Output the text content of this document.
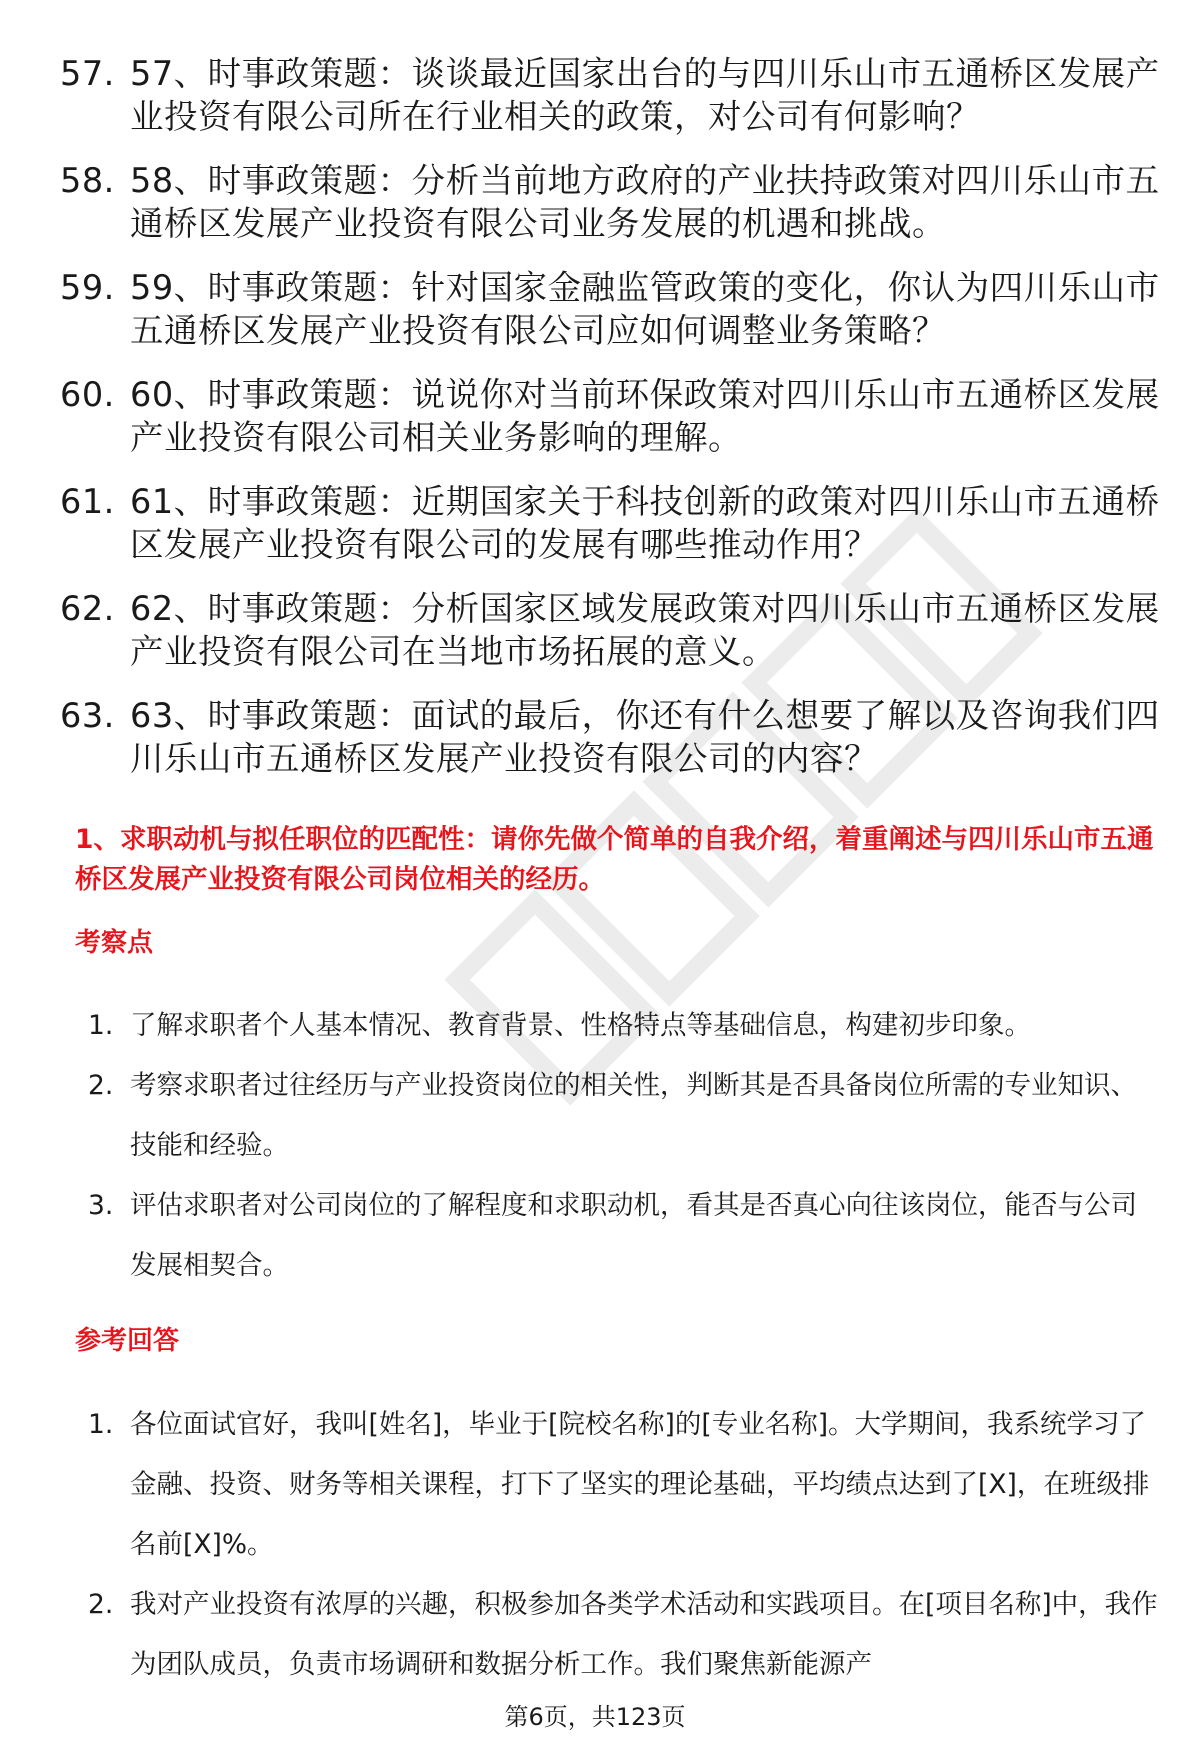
57. 57、时事政策题：谈谈最近国家出台的与四川乐山市五通桥区发展产业投资有限公司所在行业相关的政策，对公司有何影响？
58. 58、时事政策题：分析当前地方政府的产业扶持政策对四川乐山市五通桥区发展产业投资有限公司业务发展的机遇和挑战。
59. 59、时事政策题：针对国家金融监管政策的变化，你认为四川乐山市五通桥区发展产业投资有限公司应如何调整业务策略？
60. 60、时事政策题：说说你对当前环保政策对四川乐山市五通桥区发展产业投资有限公司相关业务影响的理解。
61. 61、时事政策题：近期国家关于科技创新的政策对四川乐山市五通桥区发展产业投资有限公司的发展有哪些推动作用？
62. 62、时事政策题：分析国家区域发展政策对四川乐山市五通桥区发展产业投资有限公司在当地市场拓展的意义。
63. 63、时事政策题：面试的最后，你还有什么想要了解以及咨询我们四川乐山市五通桥区发展产业投资有限公司的内容？

1、求职动机与拟任职位的匹配性：请你先做个简单的自我介绍，着重阐述与四川乐山市五通桥区发展产业投资有限公司岗位相关的经历。

考察点

1. 了解求职者个人基本情况、教育背景、性格特点等基础信息，构建初步印象。
2. 考察求职者过往经历与产业投资岗位的相关性，判断其是否具备岗位所需的专业知识、技能和经验。
3. 评估求职者对公司岗位的了解程度和求职动机，看其是否真心向往该岗位，能否与公司发展相契合。

参考回答

1. 各位面试官好，我叫[姓名]，毕业于[院校名称]的[专业名称]。大学期间，我系统学习了金融、投资、财务等相关课程，打下了坚实的理论基础，平均绩点达到了[X]，在班级排名前[X]%。
2. 我对产业投资有浓厚的兴趣，积极参加各类学术活动和实践项目。在[项目名称]中，我作为团队成员，负责市场调研和数据分析工作。我们聚焦新能源产
第6页，共123页
